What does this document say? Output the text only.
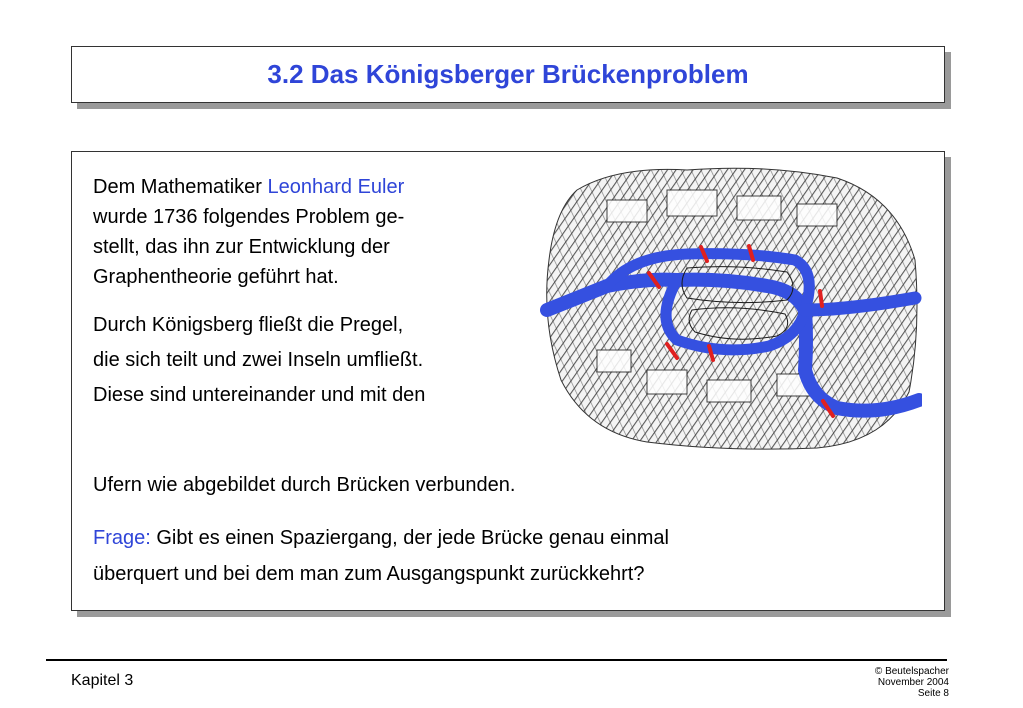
3.2 Das Königsberger Brückenproblem

Dem Mathematiker Leonhard Euler
wurde 1736 folgendes Problem ge-
stellt, das ihn zur Entwicklung der
Graphentheorie geführt hat.

Durch Königsberg fließt die Pregel,
die sich teilt und zwei Inseln umfließt.
Diese sind untereinander und mit den

Ufern wie abgebildet durch Brücken verbunden.

Frage: Gibt es einen Spaziergang, der jede Brücke genau einmal
überquert und bei dem man zum Ausgangspunkt zurückkehrt?

Kapitel 3
© Beutelspacher
November 2004
Seite 8
